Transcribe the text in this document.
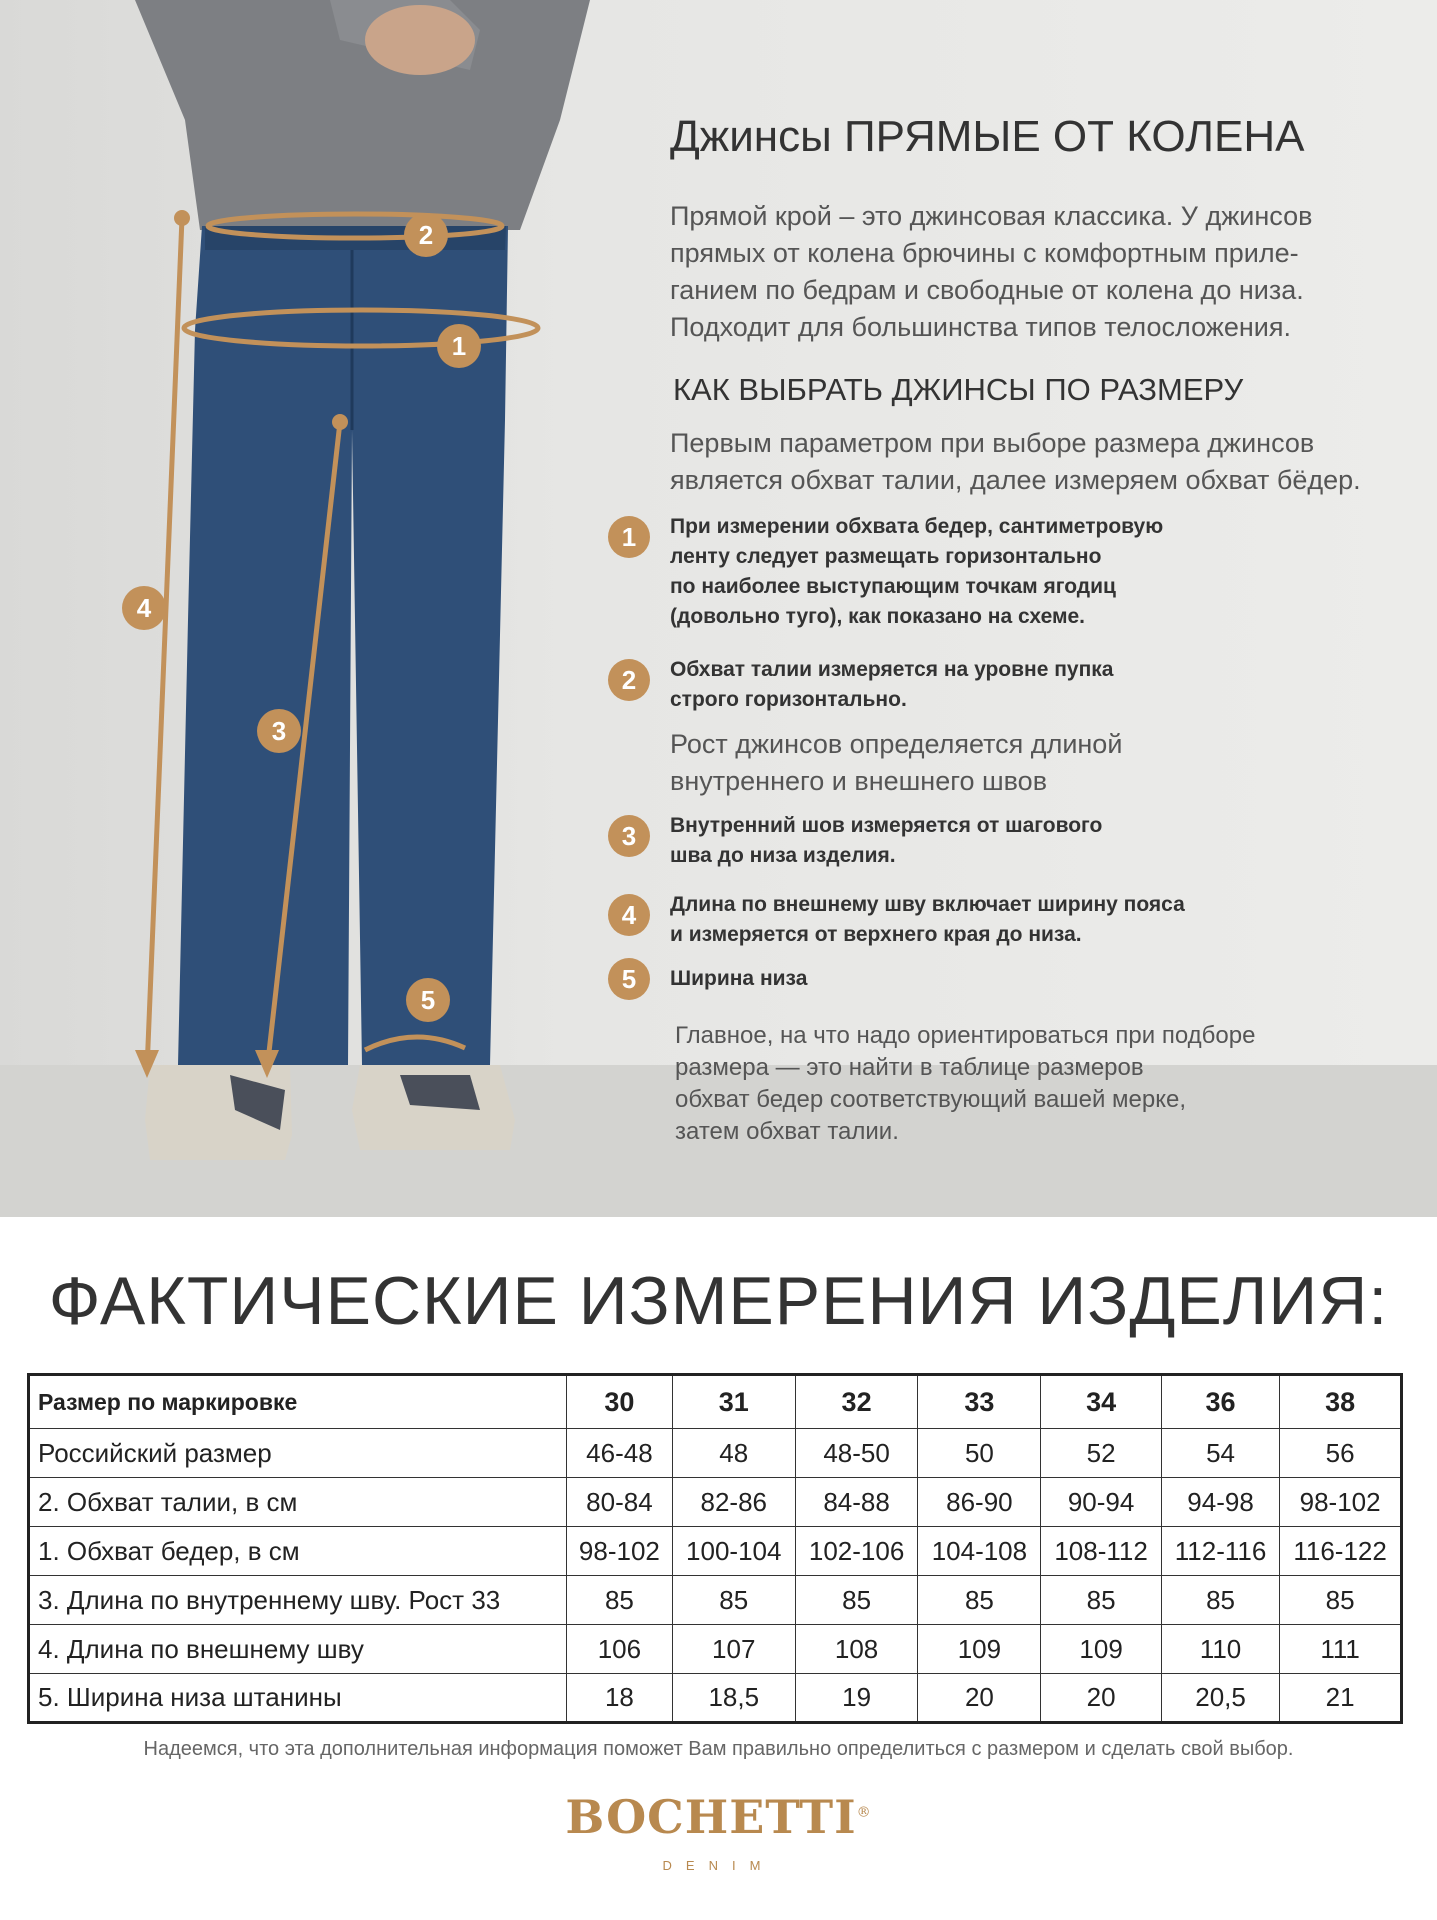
1
2
3
4
5
Джинсы ПРЯМЫЕ ОТ КОЛЕНА
Прямой крой – это джинсовая классика. У джинсов
прямых от колена брючины с комфортным приле-
ганием по бедрам и свободные от колена до низа.
Подходит для большинства типов телосложения.
КАК ВЫБРАТЬ ДЖИНСЫ ПО РАЗМЕРУ
Первым параметром при выборе размера джинсов
является обхват талии, далее измеряем обхват бёдер.
1	При измерении обхвата бедер, сантиметровую
ленту следует размещать горизонтально
по наиболее выступающим точкам ягодиц
(довольно туго), как показано на схеме.
2	Обхват талии измеряется на уровне пупка
строго горизонтально.
Рост джинсов определяется длиной
внутреннего и внешнего швов
3	Внутренний шов измеряется от шагового
шва до низа изделия.
4	Длина по внешнему шву включает ширину пояса
и измеряется от верхнего края до низа.
5	Ширина низа
Главное, на что надо ориентироваться при подборе
размера — это найти в таблице размеров
обхват бедер соответствующий вашей мерке,
затем обхват талии.
ФАКТИЧЕСКИЕ ИЗМЕРЕНИЯ ИЗДЕЛИЯ:
Размер по маркировке	30	31	32	33	34	36	38
Российский размер	46-48	48	48-50	50	52	54	56
2. Обхват талии, в см	80-84	82-86	84-88	86-90	90-94	94-98	98-102
1. Обхват бедер, в см	98-102	100-104	102-106	104-108	108-112	112-116	116-122
3. Длина по внутреннему шву. Рост 33	85	85	85	85	85	85	85
4. Длина по внешнему шву	106	107	108	109	109	110	111
5. Ширина низа штанины	18	18,5	19	20	20	20,5	21
Надеемся, что эта дополнительная информация поможет Вам правильно определиться с размером и сделать свой выбор.
BOCHETTI®
DENIM
